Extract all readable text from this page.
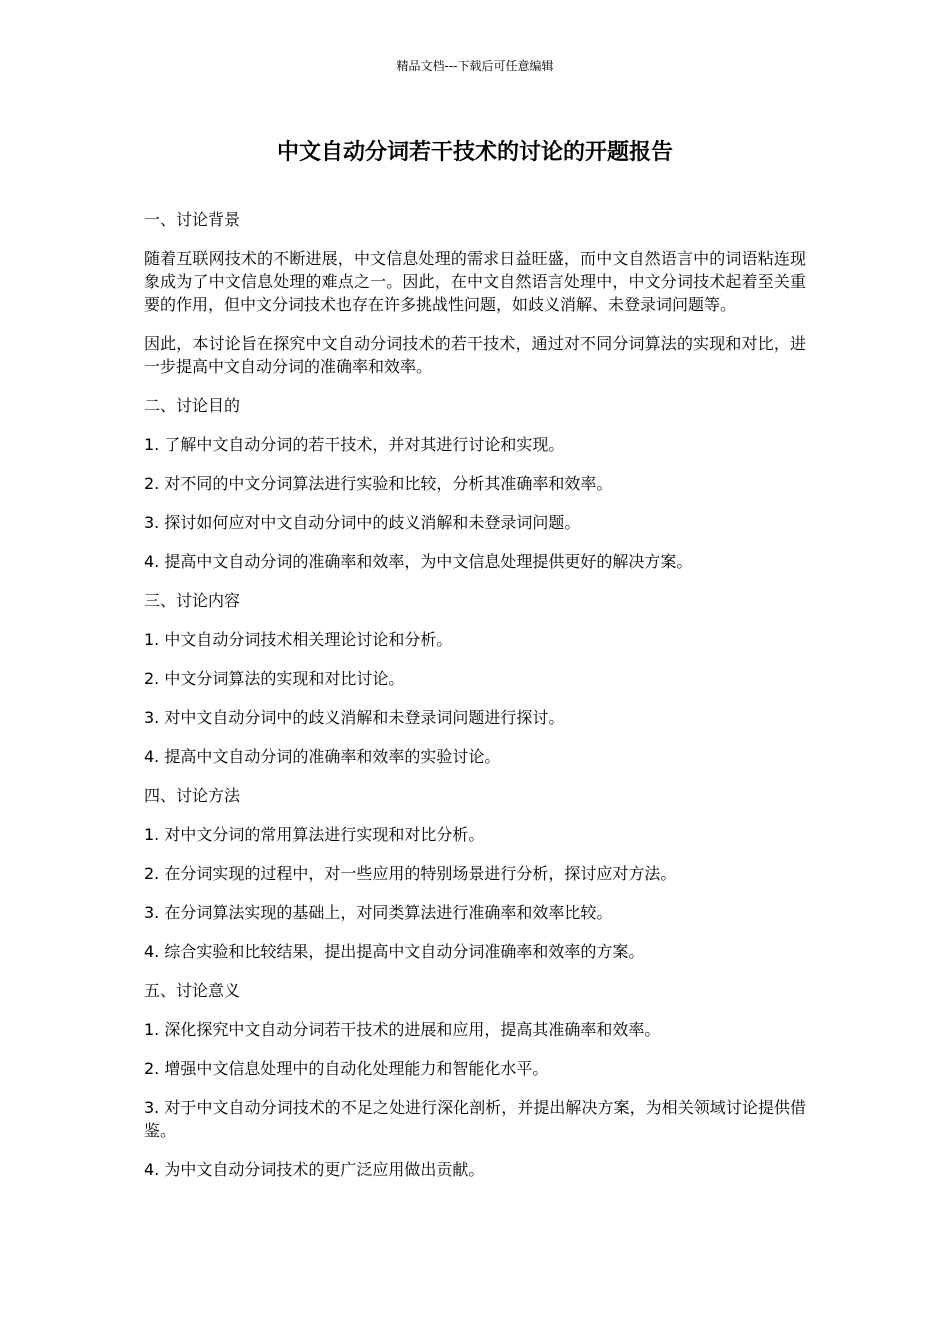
精品文档---下载后可任意编辑
中文自动分词若干技术的讨论的开题报告

一、讨论背景

随着互联网技术的不断进展，中文信息处理的需求日益旺盛，而中文自然语言中的词语粘连现象成为了中文信息处理的难点之一。因此，在中文自然语言处理中，中文分词技术起着至关重要的作用，但中文分词技术也存在许多挑战性问题，如歧义消解、未登录词问题等。

因此，本讨论旨在探究中文自动分词技术的若干技术，通过对不同分词算法的实现和对比，进一步提高中文自动分词的准确率和效率。

二、讨论目的

1. 了解中文自动分词的若干技术，并对其进行讨论和实现。

2. 对不同的中文分词算法进行实验和比较，分析其准确率和效率。

3. 探讨如何应对中文自动分词中的歧义消解和未登录词问题。

4. 提高中文自动分词的准确率和效率，为中文信息处理提供更好的解决方案。

三、讨论内容

1. 中文自动分词技术相关理论讨论和分析。

2. 中文分词算法的实现和对比讨论。

3. 对中文自动分词中的歧义消解和未登录词问题进行探讨。

4. 提高中文自动分词的准确率和效率的实验讨论。

四、讨论方法

1. 对中文分词的常用算法进行实现和对比分析。

2. 在分词实现的过程中，对一些应用的特别场景进行分析，探讨应对方法。

3. 在分词算法实现的基础上，对同类算法进行准确率和效率比较。

4. 综合实验和比较结果，提出提高中文自动分词准确率和效率的方案。

五、讨论意义

1. 深化探究中文自动分词若干技术的进展和应用，提高其准确率和效率。

2. 增强中文信息处理中的自动化处理能力和智能化水平。

3. 对于中文自动分词技术的不足之处进行深化剖析，并提出解决方案，为相关领域讨论提供借鉴。

4. 为中文自动分词技术的更广泛应用做出贡献。
